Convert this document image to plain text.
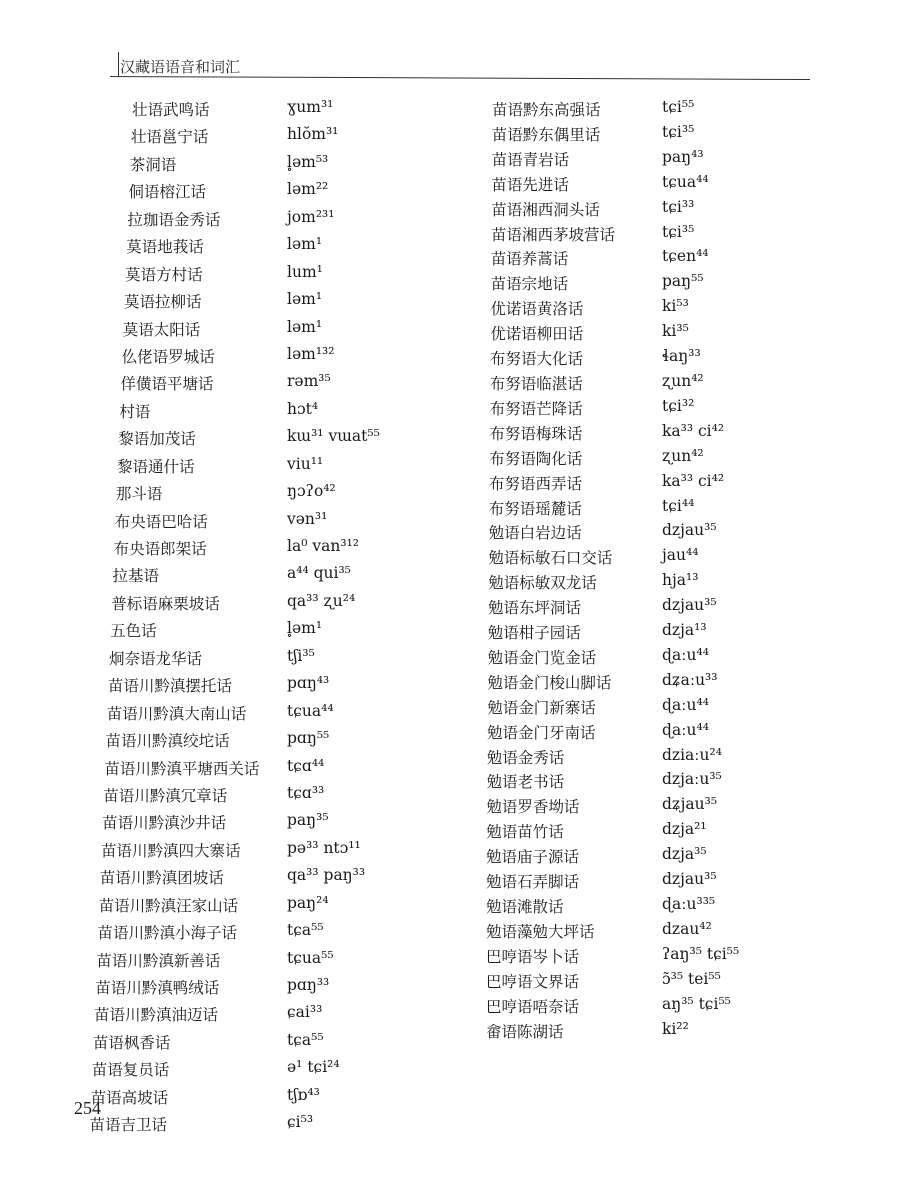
汉藏语语音和词汇
壮语武鸣话	ɣum³¹
壮语邕宁话	hlŏm³¹
茶洞语	l̥əm⁵³
侗语榕江话	ləm²²
拉珈语金秀话	jom²³¹
莫语地莪话	ləm¹
莫语方村话	lum¹
莫语拉柳话	ləm¹
莫语太阳话	ləm¹
仫佬语罗城话	ləm¹³²
佯僙语平塘话	rəm³⁵
村语	hɔt⁴
黎语加茂话	kɯ³¹ vɯat⁵⁵
黎语通什话	viu¹¹
那斗语	ŋɔʔo⁴²
布央语巴哈话	vən³¹
布央语郎架话	la⁰ van³¹²
拉基语	a⁴⁴ qui³⁵
普标语麻栗坡话	qa³³ ʐu²⁴
五色话	l̥əm¹
炯奈语龙华话	tʃi³⁵
苗语川黔滇摆托话	pɑŋ⁴³
苗语川黔滇大南山话	tɕua⁴⁴
苗语川黔滇绞坨话	pɑŋ⁵⁵
苗语川黔滇平塘西关话 tɕɑ⁴⁴
苗语川黔滇冗章话	tɕɑ³³
苗语川黔滇沙井话	paŋ³⁵
苗语川黔滇四大寨话	pə³³ ntɔ¹¹
苗语川黔滇团坡话	qa³³ paŋ³³
苗语川黔滇汪家山话	paŋ²⁴
苗语川黔滇小海子话	tɕa⁵⁵
苗语川黔滇新善话	tɕua⁵⁵
苗语川黔滇鸭绒话	pɑŋ³³
苗语川黔滇油迈话	ɕai³³
苗语枫香话	tɕa⁵⁵
苗语复员话	ə¹ tɕi²⁴
苗语高坡话	tʃɒ⁴³
苗语吉卫话	ɕi⁵³
苗语黔东高强话	tɕi⁵⁵
苗语黔东偶里话	tɕi³⁵
苗语青岩话	paŋ⁴³
苗语先进话	tɕua⁴⁴
苗语湘西洞头话	tɕi³³
苗语湘西茅坡营话	tɕi³⁵
苗语养蒿话	tɕen⁴⁴
苗语宗地话	paŋ⁵⁵
优诺语黄洛话	ki⁵³
优诺语柳田话	ki³⁵
布努语大化话	ɬaŋ³³
布努语临湛话	ʐun⁴²
布努语芒降话	tɕi³²
布努语梅珠话	ka³³ ci⁴²
布努语陶化话	ʐun⁴²
布努语西弄话	ka³³ ci⁴²
布努语瑶麓话	tɕi⁴⁴
勉语白岩边话	dzjau³⁵
勉语标敏石口交话	jau⁴⁴
勉语标敏双龙话	hja¹³
勉语东坪洞话	dzjau³⁵
勉语柑子园话	dzja¹³
勉语金门览金话	ɖaːu⁴⁴
勉语金门梭山脚话	dʑaːu³³
勉语金门新寨话	ɖaːu⁴⁴
勉语金门牙南话	ɖaːu⁴⁴
勉语金秀话	dziaːu²⁴
勉语老书话	dzjaːu³⁵
勉语罗香坳话	dʑjau³⁵
勉语苗竹话	dzja²¹
勉语庙子源话	dzja³⁵
勉语石弄脚话	dzjau³⁵
勉语滩散话	ɖaːu³³⁵
勉语藻勉大坪话	dzau⁴²
巴哼语岑卜话	ʔaŋ³⁵ tɕi⁵⁵
巴哼语文界话	ɔ̃³⁵ tei⁵⁵
巴哼语唔奈话	aŋ³⁵ tɕi⁵⁵
畲语陈湖话	ki²²
254
